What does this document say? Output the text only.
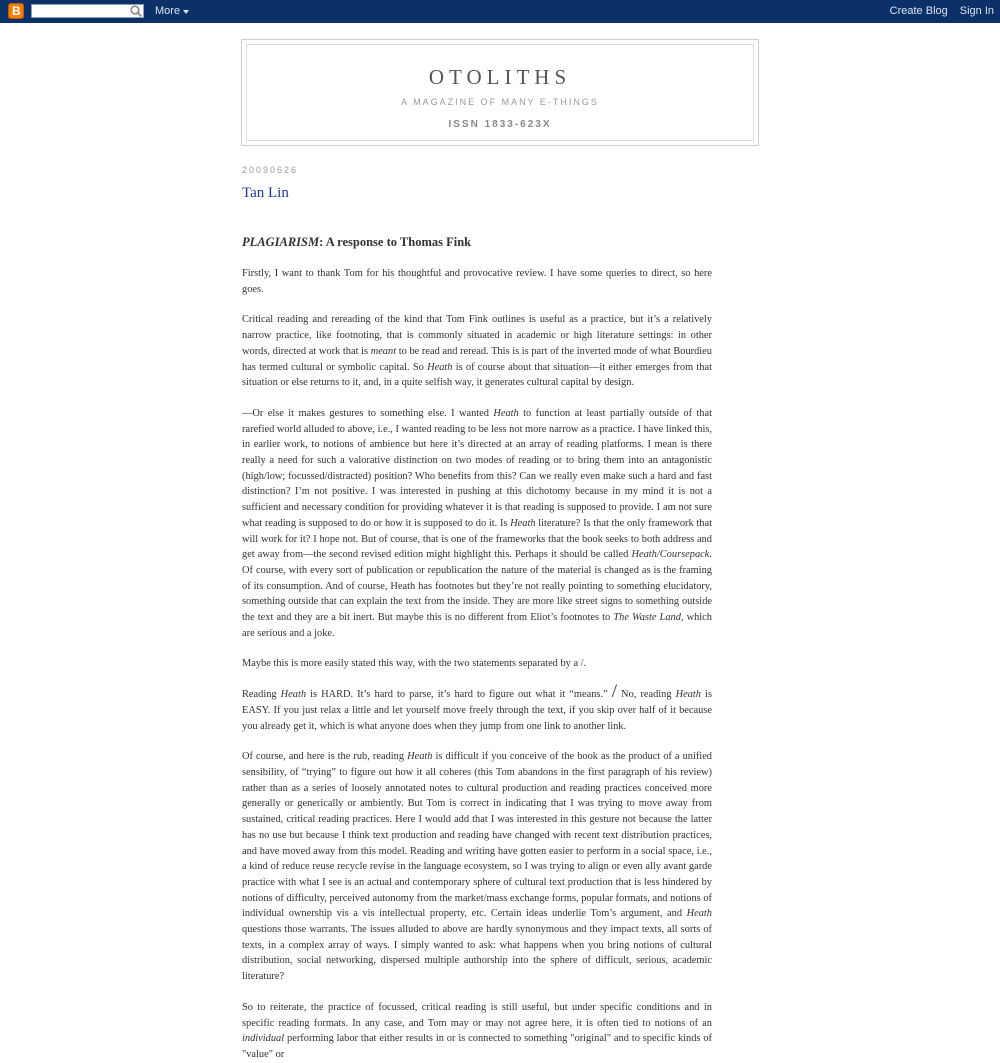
B	More	Create Blog Sign In
OTOLITHS
A MAGAZINE OF MANY E-THINGS
ISSN 1833-623X
20090626
Tan Lin
PLAGIARISM: A response to Thomas Fink

Firstly, I want to thank Tom for his thoughtful and provocative review. I have some queries to direct, so here goes.

Critical reading and rereading of the kind that Tom Fink outlines is useful as a practice, but it’s a relatively narrow practice, like footnoting, that is commonly situated in academic or high literature settings: in other words, directed at work that is meant to be read and reread. This is is part of the inverted mode of what Bourdieu has termed cultural or symbolic capital. So Heath is of course about that situation—it either emerges from that situation or else returns to it, and, in a quite selfish way, it generates cultural capital by design.

—Or else it makes gestures to something else. I wanted Heath to function at least partially outside of that rarefied world alluded to above, i.e., I wanted reading to be less not more narrow as a practice. I have linked this, in earlier work, to notions of ambience but here it’s directed at an array of reading platforms. I mean is there really a need for such a valorative distinction on two modes of reading or to bring them into an antagonistic (high/low; focussed/distracted) position? Who benefits from this? Can we really even make such a hard and fast distinction? I’m not positive. I was interested in pushing at this dichotomy because in my mind it is not a sufficient and necessary condition for providing whatever it is that reading is supposed to provide. I am not sure what reading is supposed to do or how it is supposed to do it. Is Heath literature? Is that the only framework that will work for it? I hope not. But of course, that is one of the frameworks that the book seeks to both address and get away from—the second revised edition might highlight this. Perhaps it should be called Heath/Coursepack. Of course, with every sort of publication or republication the nature of the material is changed as is the framing of its consumption. And of course, Heath has footnotes but they’re not really pointing to something elucidatory, something outside that can explain the text from the inside. They are more like street signs to something outside the text and they are a bit inert. But maybe this is no different from Eliot’s footnotes to The Waste Land, which are serious and a joke.

Maybe this is more easily stated this way, with the two statements separated by a /.

Reading Heath is HARD. It’s hard to parse, it’s hard to figure out what it “means.” / No, reading Heath is EASY. If you just relax a little and let yourself move freely through the text, if you skip over half of it because you already get it, which is what anyone does when they jump from one link to another link.

Of course, and here is the rub, reading Heath is difficult if you conceive of the book as the product of a unified sensibility, of “trying” to figure out how it all coheres (this Tom abandons in the first paragraph of his review) rather than as a series of loosely annotated notes to cultural production and reading practices conceived more generally or generically or ambiently. But Tom is correct in indicating that I was trying to move away from sustained, critical reading practices. Here I would add that I was interested in this gesture not because the latter has no use but because I think text production and reading have changed with recent text distribution practices, and have moved away from this model. Reading and writing have gotten easier to perform in a social space, i.e., a kind of reduce reuse recycle revise in the language ecosystem, so I was trying to align or even ally avant garde practice with what I see is an actual and contemporary sphere of cultural text production that is less hindered by notions of difficulty, perceived autonomy from the market/mass exchange forms, popular formats, and notions of individual ownership vis a vis intellectual property, etc. Certain ideas underlie Tom’s argument, and Heath questions those warrants. The issues alluded to above are hardly synonymous and they impact texts, all sorts of texts, in a complex array of ways. I simply wanted to ask: what happens when you bring notions of cultural distribution, social networking, dispersed multiple authorship into the sphere of difficult, serious, academic literature?

So to reiterate, the practice of focussed, critical reading is still useful, but under specific conditions and in specific reading formats. In any case, and Tom may or may not agree here, it is often tied to notions of an individual performing labor that either results in or is connected to something "original" and to specific kinds of "value" or
